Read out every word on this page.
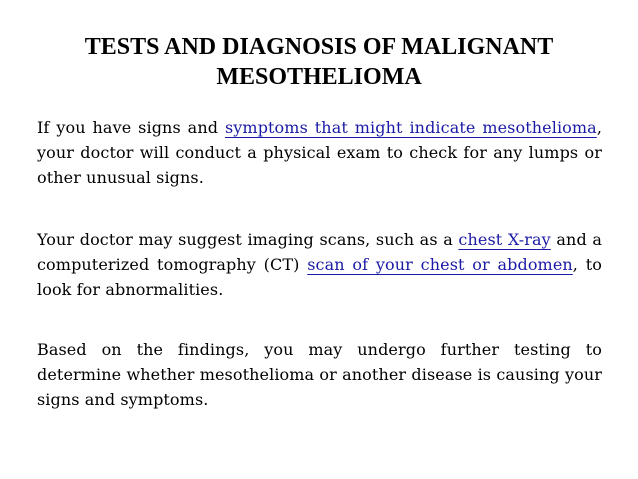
TESTS AND DIAGNOSIS OF MALIGNANT
MESOTHELIOMA

If you have signs and symptoms that might indicate mesothelioma, your doctor will conduct a physical exam to check for any lumps or other unusual signs.

Your doctor may suggest imaging scans, such as a chest X-ray and a computerized tomography (CT) scan of your chest or abdomen, to look for abnormalities.

Based on the findings, you may undergo further testing to determine whether mesothelioma or another disease is causing your signs and symptoms.
